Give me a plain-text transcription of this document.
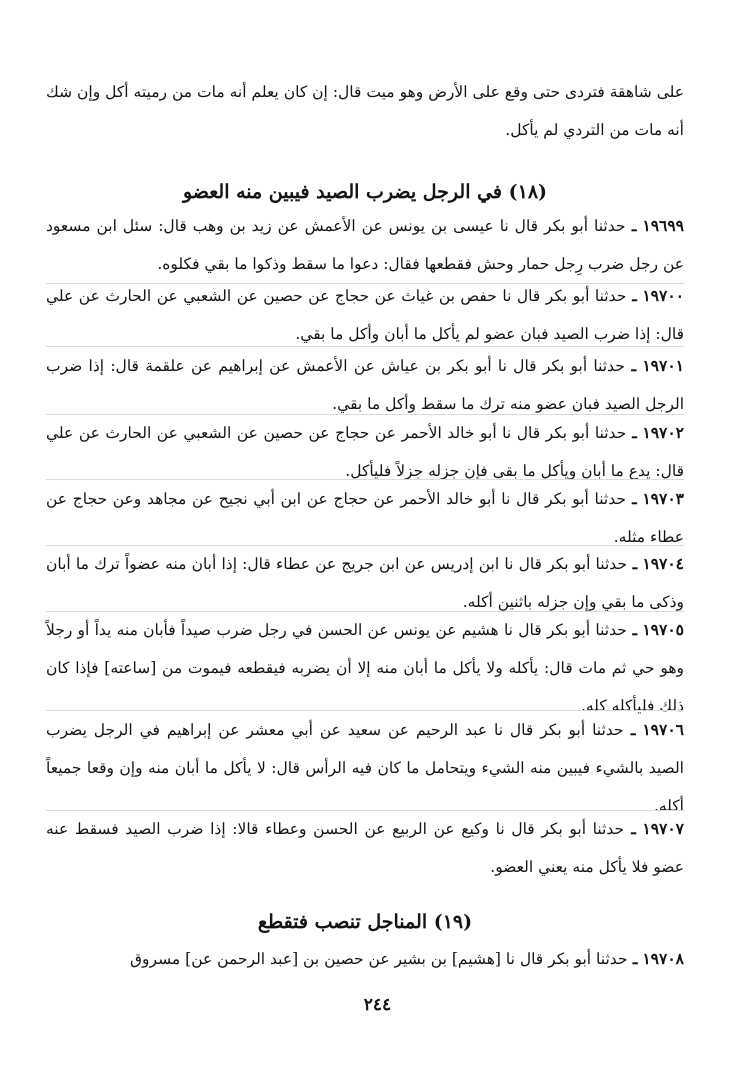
على شاهقة فتردى حتى وقع على الأرض وهو ميت قال: إن كان يعلم أنه مات من رميته أكل وإن شك أنه مات من التردي لم يأكل.
(١٨) في الرجل يضرب الصيد فيبين منه العضو
١٩٦٩٩ ـ حدثنا أبو بكر قال نا عيسى بن يونس عن الأعمش عن زيد بن وهب قال: سئل ابن مسعود عن رجل ضرب رِجل حمار وحش فقطعها فقال: دعوا ما سقط وذكوا ما بقي فكلوه.
١٩٧٠٠ ـ حدثنا أبو بكر قال نا حفص بن غياث عن حجاج عن حصين عن الشعبي عن الحارث عن علي قال: إذا ضرب الصيد فبان عضو لم يأكل ما أبان وأكل ما بقي.
١٩٧٠١ ـ حدثنا أبو بكر قال نا أبو بكر بن عياش عن الأعمش عن إبراهيم عن علقمة قال: إذا ضرب الرجل الصيد فبان عضو منه ترك ما سقط وأكل ما بقي.
١٩٧٠٢ ـ حدثنا أبو بكر قال نا أبو خالد الأحمر عن حجاج عن حصين عن الشعبي عن الحارث عن علي قال: يدع ما أبان ويأكل ما بقي فإن جزله جزلاً فليأكل.
١٩٧٠٣ ـ حدثنا أبو بكر قال نا أبو خالد الأحمر عن حجاج عن ابن أبي نجيح عن مجاهد وعن حجاج عن عطاء مثله.
١٩٧٠٤ ـ حدثنا أبو بكر قال نا ابن إدريس عن ابن جريج عن عطاء قال: إذا أبان منه عضواً ترك ما أبان وذكى ما بقي وإن جزله باثنين أكله.
١٩٧٠٥ ـ حدثنا أبو بكر قال نا هشيم عن يونس عن الحسن في رجل ضرب صيداً فأبان منه يداً أو رجلاً وهو حي ثم مات قال: يأكله ولا يأكل ما أبان منه إلا أن يضربه فيقطعه فيموت من [ساعته] فإذا كان ذلك فليأكله كله.
١٩٧٠٦ ـ حدثنا أبو بكر قال نا عبد الرحيم عن سعيد عن أبي معشر عن إبراهيم في الرجل يضرب الصيد بالشيء فيبين منه الشيء ويتحامل ما كان فيه الرأس قال: لا يأكل ما أبان منه وإن وقعا جميعاً أكله.
١٩٧٠٧ ـ حدثنا أبو بكر قال نا وكيع عن الربيع عن الحسن وعطاء قالا: إذا ضرب الصيد فسقط عنه عضو فلا يأكل منه يعني العضو.
(١٩) المناجل تنصب فتقطع
١٩٧٠٨ ـ حدثنا أبو بكر قال نا [هشيم] بن بشير عن حصين بن [عبد الرحمن عن] مسروق
٢٤٤
